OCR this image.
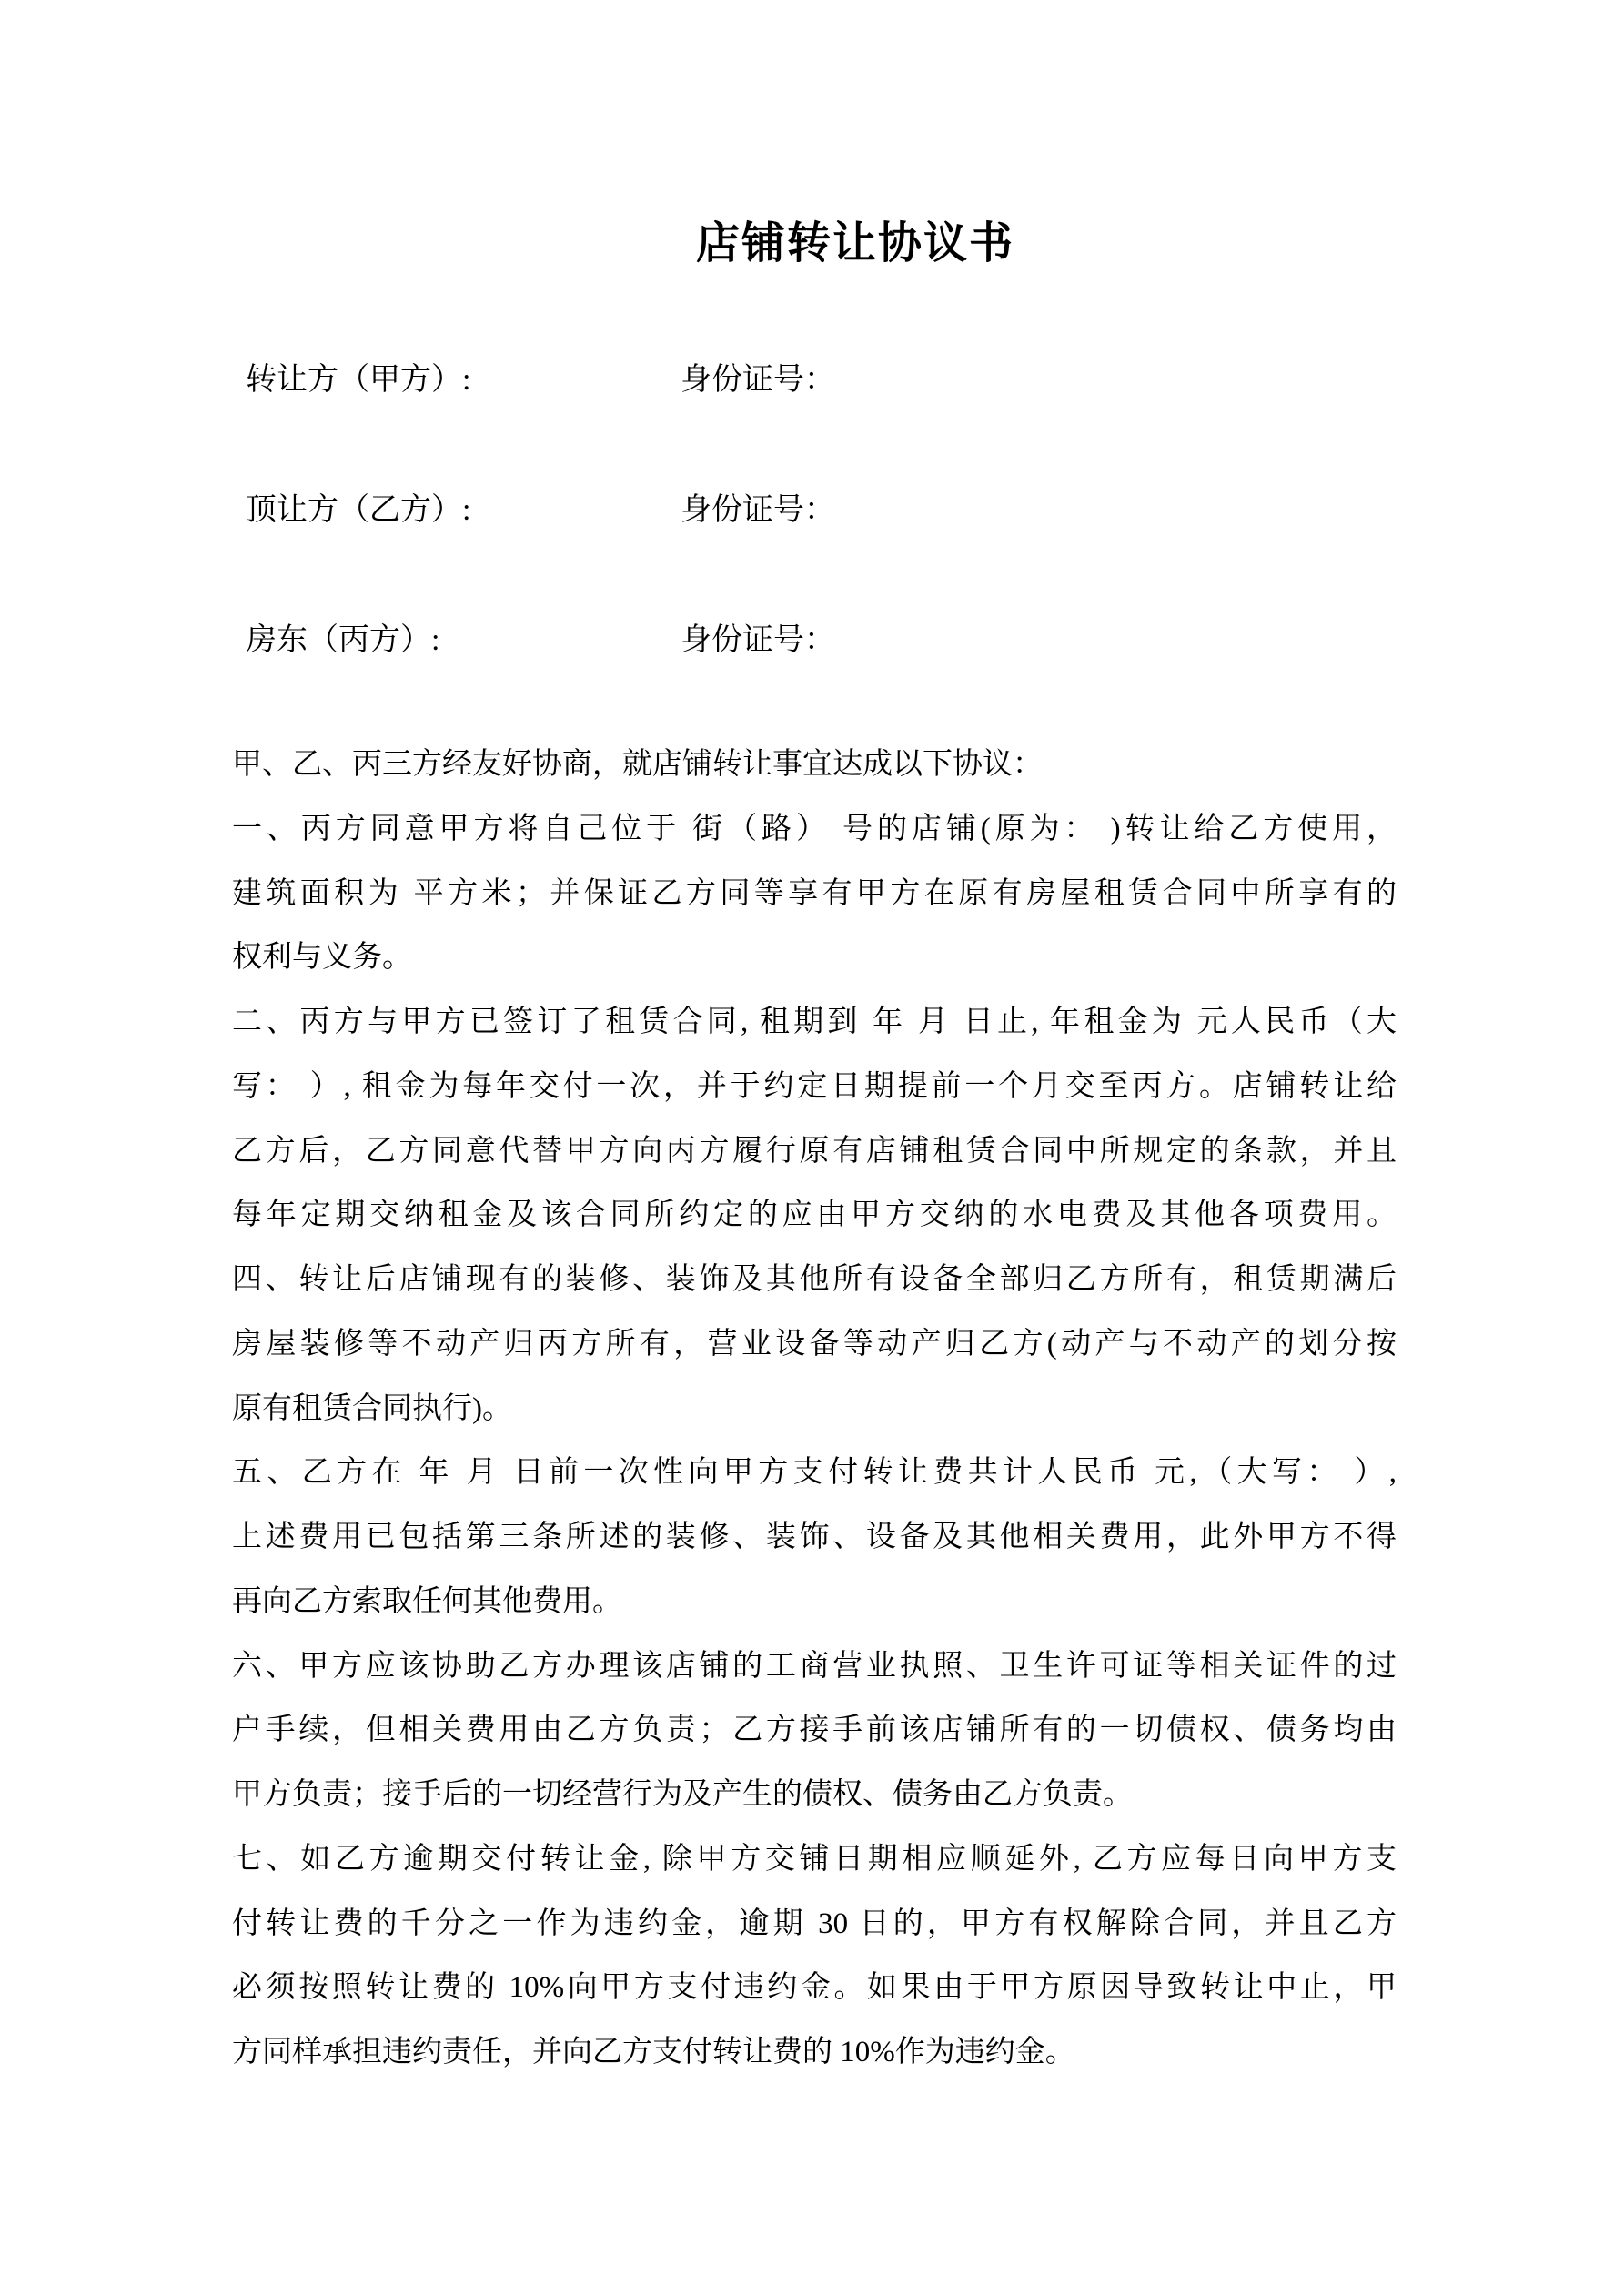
店铺转让协议书
转让方（甲方）:	身份证号：
顶让方（乙方）:	身份证号：
房东（丙方）:	身份证号：
甲、乙、丙三方经友好协商，就店铺转让事宜达成以下协议：
一、丙方同意甲方将自己位于 街（路） 号的店铺(原为： )转让给乙方使用，
建筑面积为 平方米；并保证乙方同等享有甲方在原有房屋租赁合同中所享有的
权利与义务。
二、丙方与甲方已签订了租赁合同, 租期到 年 月 日止, 年租金为 元人民币（大
写： ）, 租金为每年交付一次，并于约定日期提前一个月交至丙方。店铺转让给
乙方后，乙方同意代替甲方向丙方履行原有店铺租赁合同中所规定的条款，并且
每年定期交纳租金及该合同所约定的应由甲方交纳的水电费及其他各项费用。
四、转让后店铺现有的装修、装饰及其他所有设备全部归乙方所有，租赁期满后
房屋装修等不动产归丙方所有，营业设备等动产归乙方(动产与不动产的划分按
原有租赁合同执行)。
五、乙方在 年 月 日前一次性向甲方支付转让费共计人民币 元,（大写： ）,
上述费用已包括第三条所述的装修、装饰、设备及其他相关费用，此外甲方不得
再向乙方索取任何其他费用。
六、甲方应该协助乙方办理该店铺的工商营业执照、卫生许可证等相关证件的过
户手续，但相关费用由乙方负责；乙方接手前该店铺所有的一切债权、债务均由
甲方负责；接手后的一切经营行为及产生的债权、债务由乙方负责。
七、如乙方逾期交付转让金, 除甲方交铺日期相应顺延外, 乙方应每日向甲方支
付转让费的千分之一作为违约金，逾期 30 日的，甲方有权解除合同，并且乙方
必须按照转让费的 10%向甲方支付违约金。如果由于甲方原因导致转让中止，甲
方同样承担违约责任，并向乙方支付转让费的 10%作为违约金。
